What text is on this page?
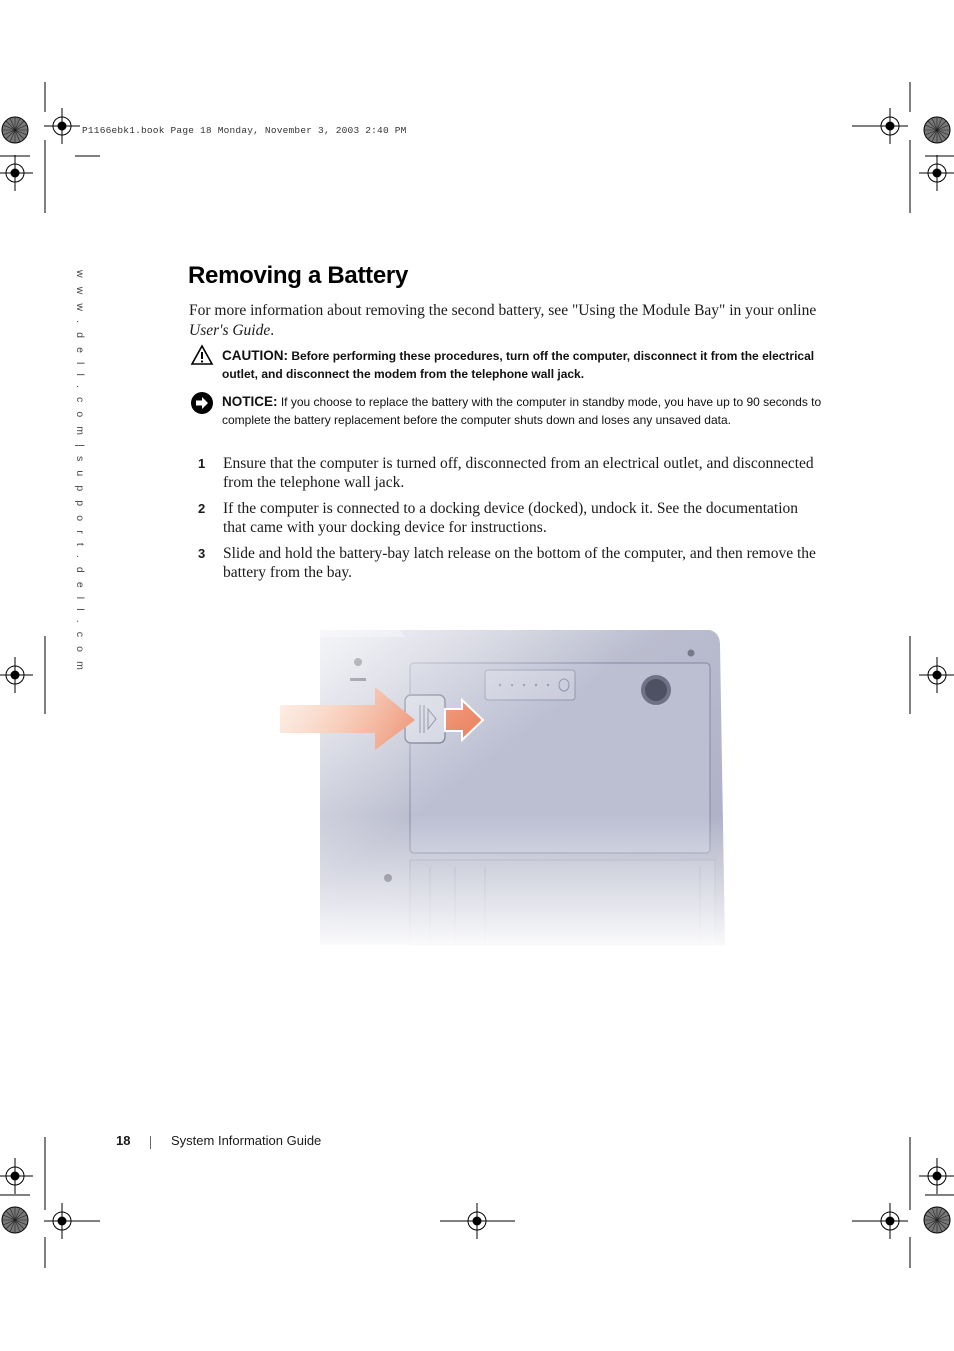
P1166ebk1.book Page 18 Monday, November 3, 2003 2:40 PM
w w w . d e l l . c o m | s u p p o r t . d e l l . c o m	Removing a Battery
For more information about removing the second battery, see "Using the Module Bay" in your online User's Guide.
CAUTION: Before performing these procedures, turn off the computer, disconnect it from the electrical outlet, and disconnect the modem from the telephone wall jack.
NOTICE: If you choose to replace the battery with the computer in standby mode, you have up to 90 seconds to complete the battery replacement before the computer shuts down and loses any unsaved data.
1 Ensure that the computer is turned off, disconnected from an electrical outlet, and disconnected from the telephone wall jack.
2 If the computer is connected to a docking device (docked), undock it. See the documentation that came with your docking device for instructions.
3 Slide and hold the battery-bay latch release on the bottom of the computer, and then remove the battery from the bay.
18	System Information Guide
